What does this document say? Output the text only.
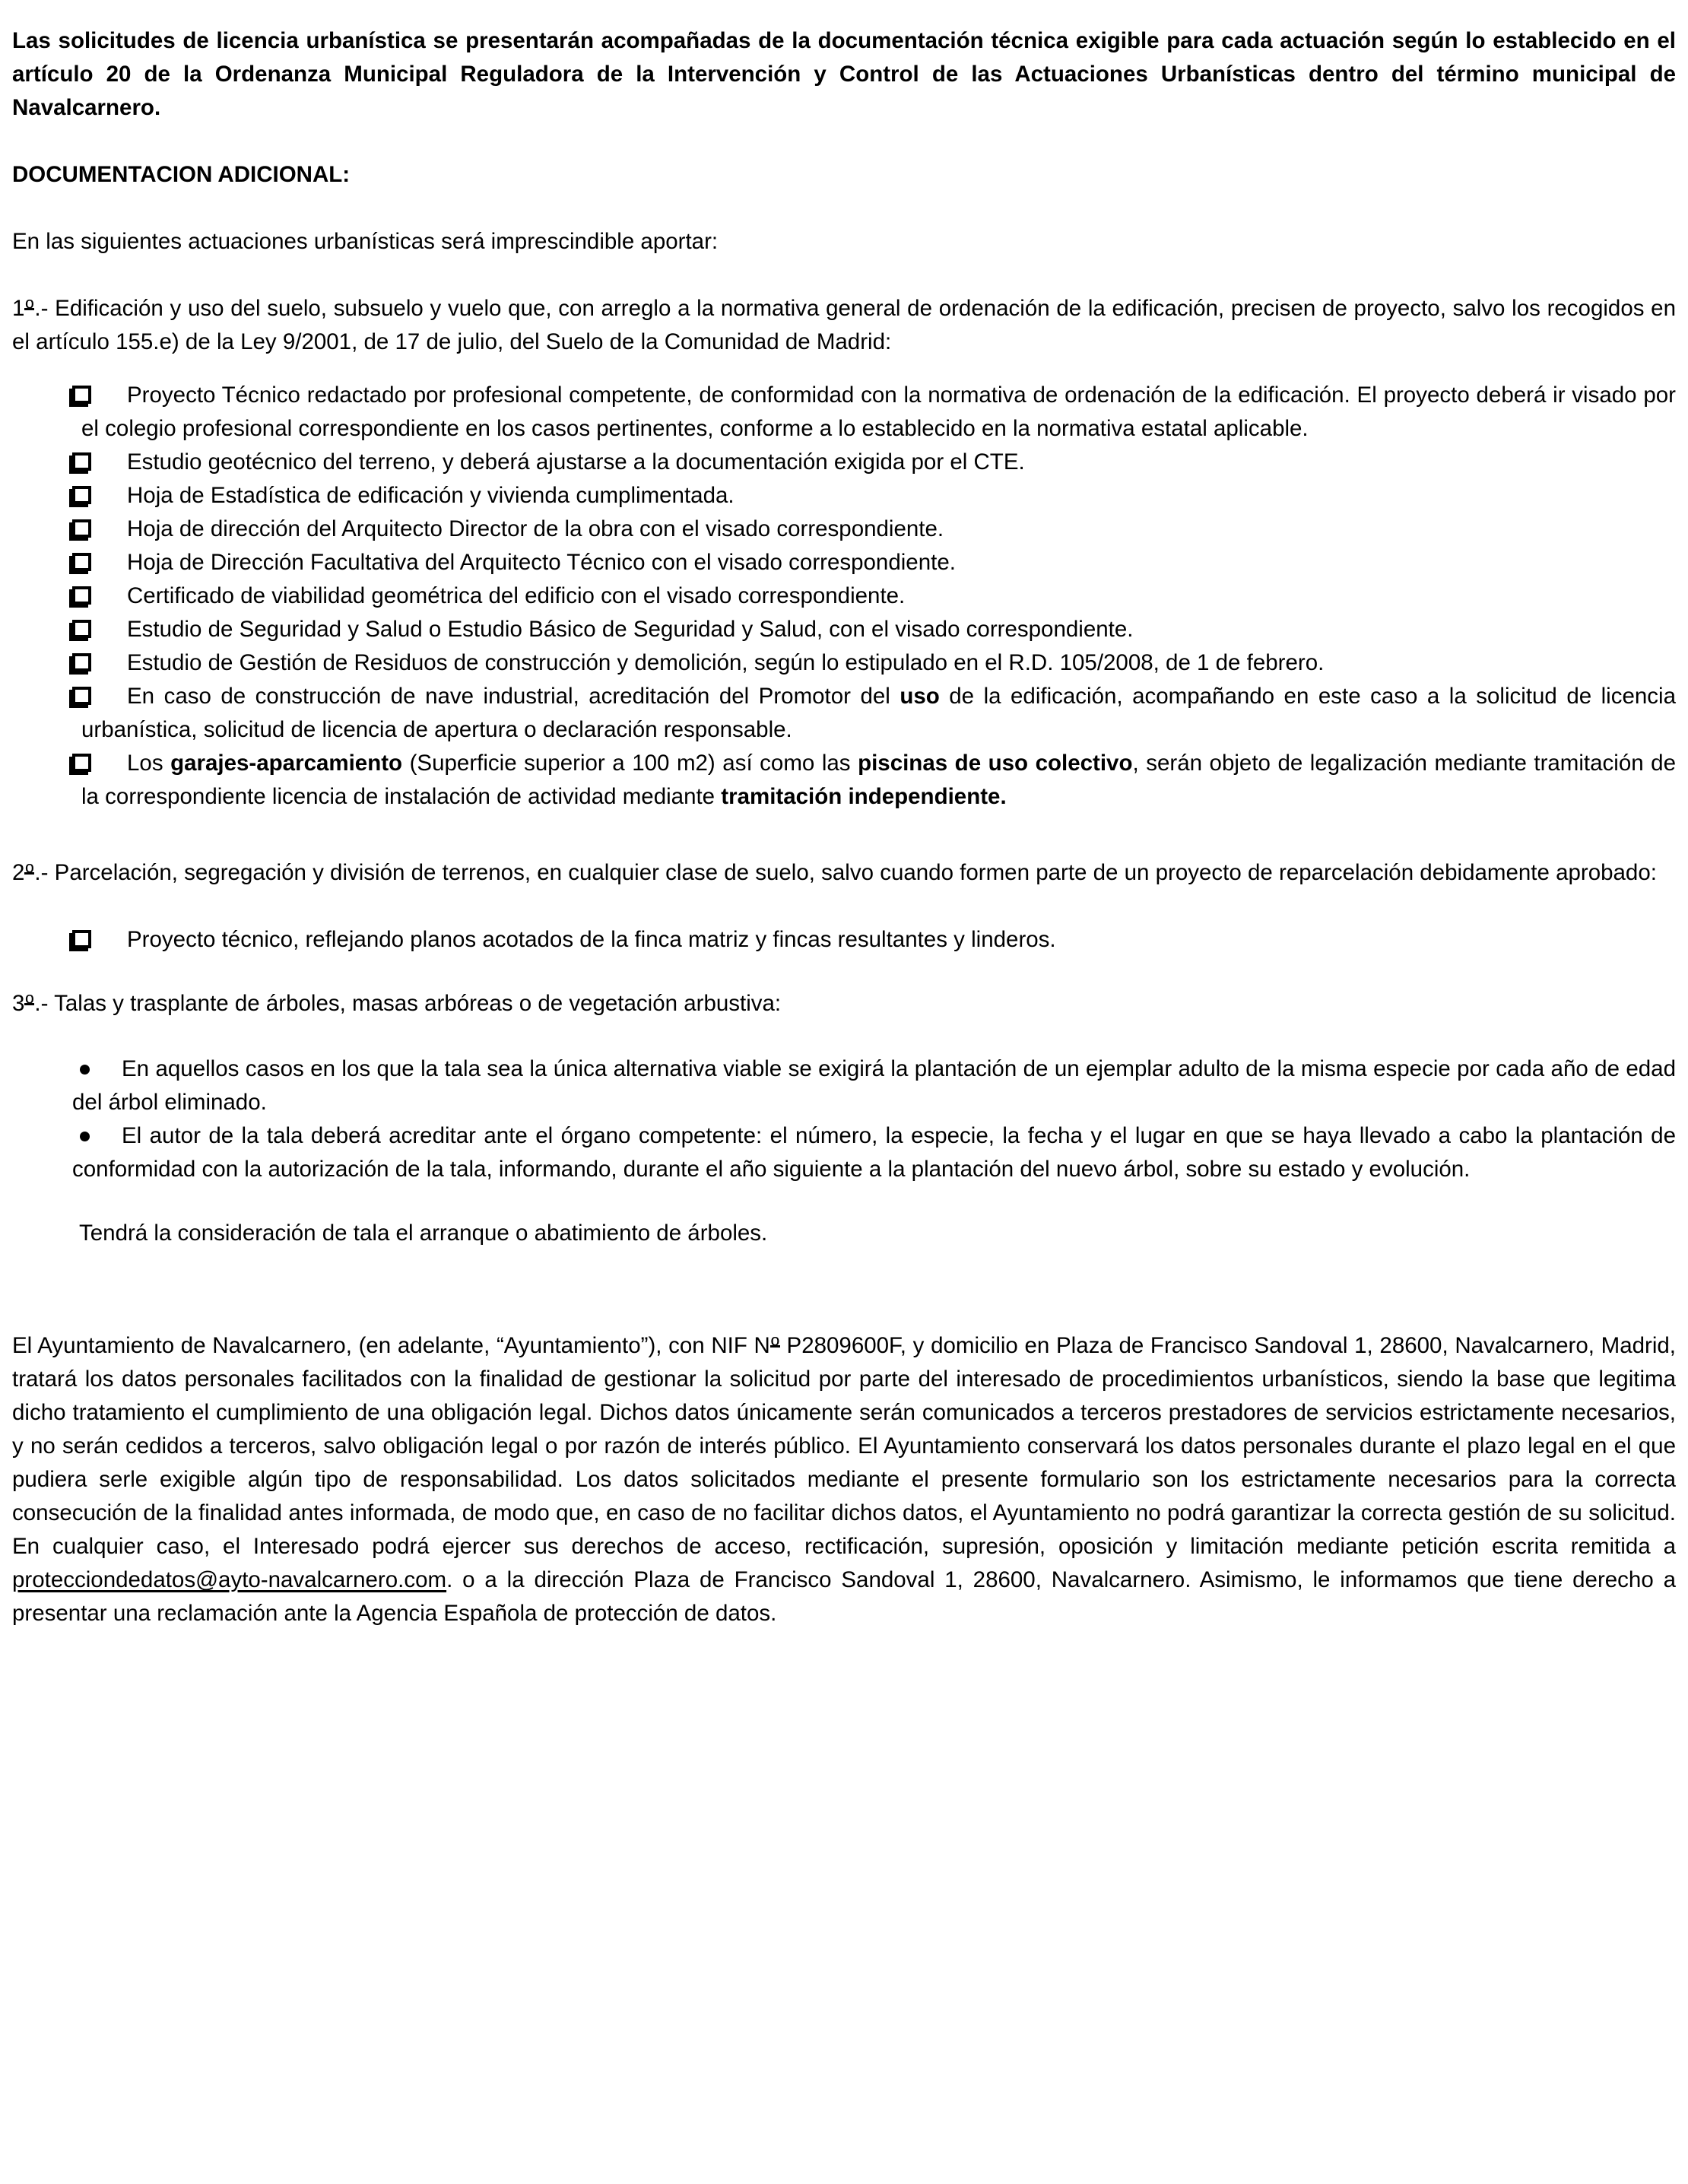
Las solicitudes de licencia urbanística se presentarán acompañadas de la documentación técnica exigible para cada actuación según lo establecido en el artículo 20 de la Ordenanza Municipal Reguladora de la Intervención y Control de las Actuaciones Urbanísticas dentro del término municipal de Navalcarnero.

DOCUMENTACION ADICIONAL:

En las siguientes actuaciones urbanísticas será imprescindible aportar:

1º.- Edificación y uso del suelo, subsuelo y vuelo que, con arreglo a la normativa general de ordenación de la edificación, precisen de proyecto, salvo los recogidos en el artículo 155.e) de la Ley 9/2001, de 17 de julio, del Suelo de la Comunidad de Madrid:

Proyecto Técnico redactado por profesional competente, de conformidad con la normativa de ordenación de la edificación. El proyecto deberá ir visado por el colegio profesional correspondiente en los casos pertinentes, conforme a lo establecido en la normativa estatal aplicable.
Estudio geotécnico del terreno, y deberá ajustarse a la documentación exigida por el CTE.
Hoja de Estadística de edificación y vivienda cumplimentada.
Hoja de dirección del Arquitecto Director de la obra con el visado correspondiente.
Hoja de Dirección Facultativa del Arquitecto Técnico con el visado correspondiente.
Certificado de viabilidad geométrica del edificio con el visado correspondiente.
Estudio de Seguridad y Salud o Estudio Básico de Seguridad y Salud, con el visado correspondiente.
Estudio de Gestión de Residuos de construcción y demolición, según lo estipulado en el R.D. 105/2008, de 1 de febrero.
En caso de construcción de nave industrial, acreditación del Promotor del uso de la edificación, acompañando en este caso a la solicitud de licencia urbanística, solicitud de licencia de apertura o declaración responsable.
Los garajes-aparcamiento (Superficie superior a 100 m2) así como las piscinas de uso colectivo, serán objeto de legalización mediante tramitación de la correspondiente licencia de instalación de actividad mediante tramitación independiente.

2º.- Parcelación, segregación y división de terrenos, en cualquier clase de suelo, salvo cuando formen parte de un proyecto de reparcelación debidamente aprobado:

Proyecto técnico, reflejando planos acotados de la finca matriz y fincas resultantes y linderos.

3º.- Talas y trasplante de árboles, masas arbóreas o de vegetación arbustiva:

En aquellos casos en los que la tala sea la única alternativa viable se exigirá la plantación de un ejemplar adulto de la misma especie por cada año de edad del árbol eliminado.
El autor de la tala deberá acreditar ante el órgano competente: el número, la especie, la fecha y el lugar en que se haya llevado a cabo la plantación de conformidad con la autorización de la tala, informando, durante el año siguiente a la plantación del nuevo árbol, sobre su estado y evolución.

Tendrá la consideración de tala el arranque o abatimiento de árboles.

El Ayuntamiento de Navalcarnero, (en adelante, “Ayuntamiento”), con NIF Nº P2809600F, y domicilio en Plaza de Francisco Sandoval 1, 28600, Navalcarnero, Madrid, tratará los datos personales facilitados con la finalidad de gestionar la solicitud por parte del interesado de procedimientos urbanísticos, siendo la base que legitima dicho tratamiento el cumplimiento de una obligación legal. Dichos datos únicamente serán comunicados a terceros prestadores de servicios estrictamente necesarios, y no serán cedidos a terceros, salvo obligación legal o por razón de interés público. El Ayuntamiento conservará los datos personales durante el plazo legal en el que pudiera serle exigible algún tipo de responsabilidad. Los datos solicitados mediante el presente formulario son los estrictamente necesarios para la correcta consecución de la finalidad antes informada, de modo que, en caso de no facilitar dichos datos, el Ayuntamiento no podrá garantizar la correcta gestión de su solicitud. En cualquier caso, el Interesado podrá ejercer sus derechos de acceso, rectificación, supresión, oposición y limitación mediante petición escrita remitida a protecciondedatos@ayto-navalcarnero.com. o a la dirección Plaza de Francisco Sandoval 1, 28600, Navalcarnero. Asimismo, le informamos que tiene derecho a presentar una reclamación ante la Agencia Española de protección de datos.
